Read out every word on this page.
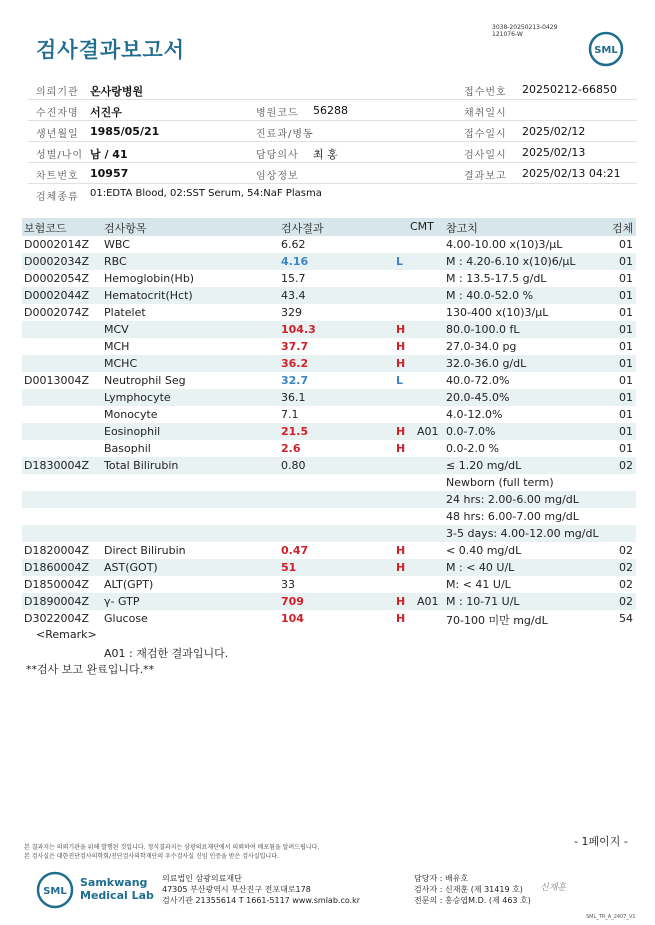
검사결과보고서
3038-20250213-0429
121076-W
SML
의뢰기관 온사랑병원	접수번호 20250212-66850
수진자명 서진우	병원코드 56288	채취일시
생년월일 1985/05/21	진료과/병동	접수일시 2025/02/12
성별/나이 남 / 41	담당의사 최 홍	검사일시 2025/02/13
차트번호 10957	임상정보	결과보고 2025/02/13 04:21
검체종류 01:EDTA Blood, 02:SST Serum, 54:NaF Plasma
보험코드	검사항목	검사결과	CMT 참고치	검체
D0002014Z WBC	6.62	4.00-10.00 x(10)3/μL	01
D0002034Z RBC	4.16	L	M : 4.20-6.10 x(10)6/μL	01
D0002054Z Hemoglobin(Hb)	15.7	M : 13.5-17.5 g/dL	01
D0002044Z Hematocrit(Hct)	43.4	M : 40.0-52.0 %	01
D0002074Z Platelet	329	130-400 x(10)3/μL	01
MCV	104.3	H	80.0-100.0 fL	01
MCH	37.7	H	27.0-34.0 pg	01
MCHC	36.2	H	32.0-36.0 g/dL	01
D0013004Z Neutrophil Seg	32.7	L	40.0-72.0%	01
Lymphocyte	36.1	20.0-45.0%	01
Monocyte	7.1	4.0-12.0%	01
Eosinophil	21.5	H A01 0.0-7.0%	01
Basophil	2.6	H	0.0-2.0 %	01
D1830004Z Total Bilirubin	0.80	≤ 1.20 mg/dL	02
Newborn (full term)
24 hrs: 2.00-6.00 mg/dL
48 hrs: 6.00-7.00 mg/dL
3-5 days: 4.00-12.00 mg/dL
D1820004Z Direct Bilirubin	0.47	H	< 0.40 mg/dL	02
D1860004Z AST(GOT)	51	H	M : < 40 U/L	02
D1850004Z ALT(GPT)	33	M: < 41 U/L	02
D1890004Z γ- GTP	709	H A01 M : 10-71 U/L	02
D3022004Z Glucose	104	H	70-100 미만 mg/dL	54
<Remark>
A01 : 재검한 결과입니다.
**검사 보고 완료입니다.**
본 결과지는 의뢰기관을 위해 발행된 것입니다. 정식결과지는 삼광의료재단에서 의뢰하여 배포됨을 알려드립니다.
본 검사실은 대한진단검사의학회/진단검사의학재단의 우수검사실 신임 인증을 받은 검사실입니다.
- 1페이지 -
SML
Samkwang
Medical Lab
의료법인 삼광의료재단
47305 부산광역시 부산진구 전포대로178
검사기관 21355614 T 1661-5117 www.smlab.co.kr
담당자 : 배유호
검사자 : 신재훈 (제 31419 호)
전문의 : 홍승엽M.D. (제 463 호)
신재훈
SML_TR_A_2407_V1
